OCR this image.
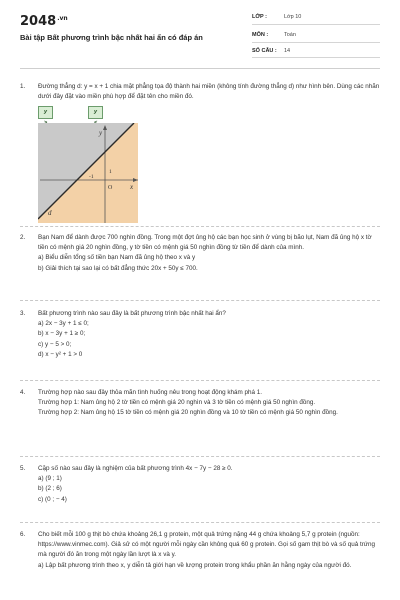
$2048^{.vn}$
Bài tập Bất phương trình bậc nhất hai ẩn có đáp án
LỚP :	Lớp 10
MÔN :	Toán
SỐ CÂU : 14
1.	Đường thẳng d: y = x + 1 chia mặt phẳng tọa độ thành hai miền (không tính đường thẳng d) như hình bên. Dùng các nhãn dưới đây đặt vào miền phù hợp để đặt tên cho miền đó.
y	y
y
x
O
-1
1
d
2.	Bạn Nam để dành được 700 nghìn đồng. Trong một đợt ủng hộ các bạn học sinh ở vùng bị bão lụt, Nam đã ủng hộ x tờ tiền có mệnh giá 20 nghìn đồng, y tờ tiền có mệnh giá 50 nghìn đồng từ tiền để dành của mình.
a) Biểu diễn tổng số tiền bạn Nam đã ủng hộ theo x và y
b) Giải thích tại sao lại có bất đẳng thức 20x + 50y ≤ 700.
3.	Bất phương trình nào sau đây là bất phương trình bậc nhất hai ẩn?
a) 2x − 3y + 1 ≤ 0;
b) x − 3y + 1 ≥ 0;
c) y − 5 > 0;
d) x − y² + 1 > 0
4.	Trường hợp nào sau đây thỏa mãn tình huống nêu trong hoạt động khám phá 1.
Trường hợp 1: Nam ủng hộ 2 tờ tiền có mệnh giá 20 nghìn và 3 tờ tiền có mệnh giá 50 nghìn đồng.
Trường hợp 2: Nam ủng hộ 15 tờ tiền có mệnh giá 20 nghìn đồng và 10 tờ tiền có mệnh giá 50 nghìn đồng.
5.	Cặp số nào sau đây là nghiệm của bất phương trình 4x − 7y − 28 ≥ 0.
a) (9 ; 1)
b) (2 ; 6)
c) (0 ; − 4)
6.	Cho biết mỗi 100 g thịt bò chứa khoảng 26,1 g protein, một quả trứng nặng 44 g chứa khoảng 5,7 g protein (nguồn: https://www.vinmec.com). Giả sử có một người mỗi ngày cần không quá 60 g protein. Gọi số gam thịt bò và số quả trứng mà người đó ăn trong một ngày lần lượt là x và y.
a) Lập bất phương trình theo x, y diễn tả giới hạn về lượng protein trong khẩu phần ăn hằng ngày của người đó.
